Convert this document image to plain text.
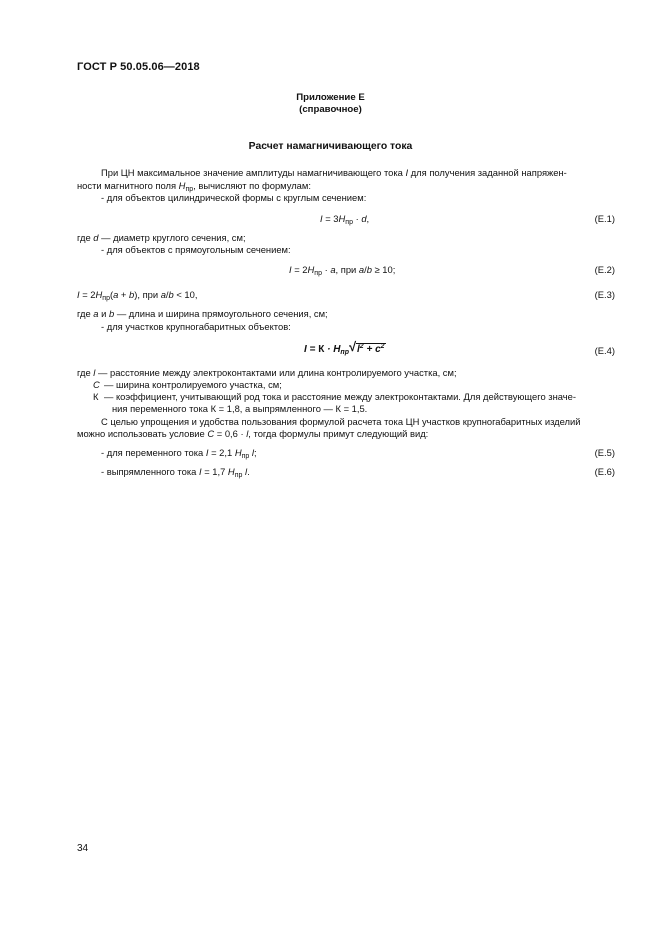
ГОСТ Р 50.05.06—2018
Приложение Е
(справочное)
Расчет намагничивающего тока
При ЦН максимальное значение амплитуды намагничивающего тока I для получения заданной напряжен-
ности магнитного поля $H_{пр}$, вычисляют по формулам:
- для объектов цилиндрической формы с круглым сечением:
$I = 3H_{пр} \cdot d$,	(Е.1)
где d — диаметр круглого сечения, см;
- для объектов с прямоугольным сечением:
$I = 2H_{пр} \cdot a$, при a/b ≥ 10;	(Е.2)
$I = 2H_{пр}(a + b)$, при a/b < 10,	(Е.3)
где a и b — длина и ширина прямоугольного сечения, см;
- для участков крупногабаритных объектов:
$I = К \cdot H_{пр}$ √ $l^2 + c^2$	(Е.4)
где l — расстояние между электроконтактами или длина контролируемого участка, см;
C — ширина контролируемого участка, см;
К — коэффициент, учитывающий род тока и расстояние между электроконтактами. Для действующего значе-
ния переменного тока К = 1,8, а выпрямленного — К = 1,5.
С целью упрощения и удобства пользования формулой расчета тока ЦН участков крупногабаритных изделий
можно использовать условие C = 0,6 · l, тогда формулы примут следующий вид:
- для переменного тока I = 2,1 $H_{пр}$ l;	(Е.5)
- выпрямленного тока I = 1,7 $H_{пр}$ l.	(Е.6)
34
